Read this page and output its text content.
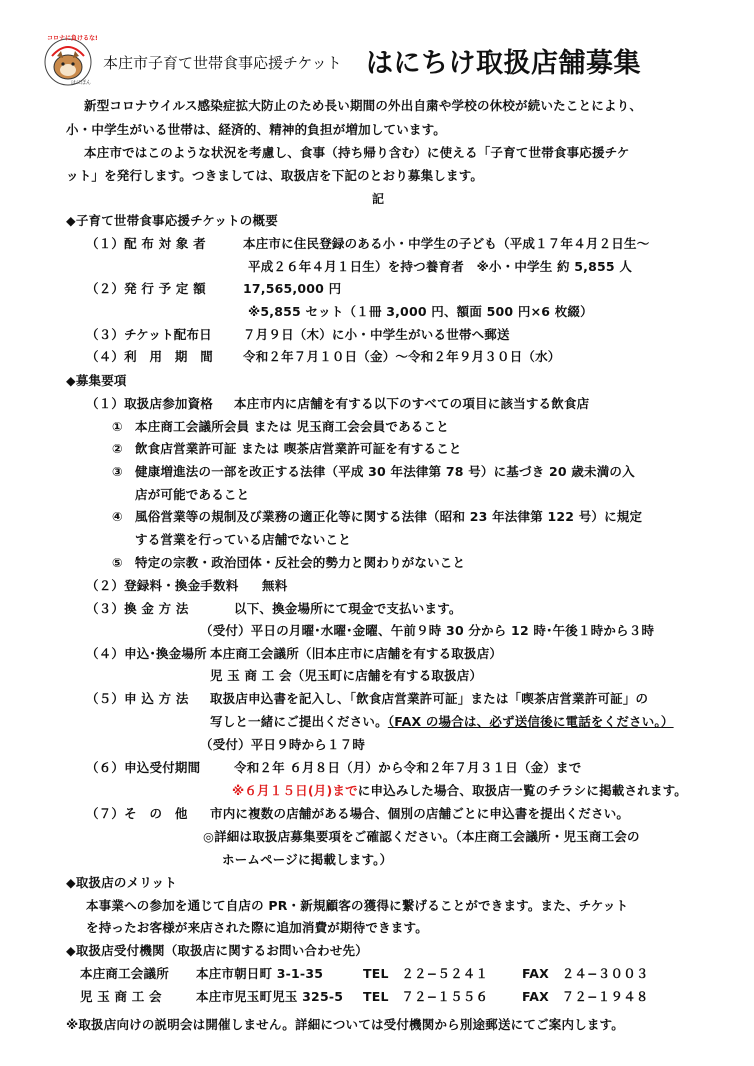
コロナに負けるな!
はにぽん
本庄市子育て世帯食事応援チケット はにちけ取扱店舗募集
新型コロナウイルス感染症拡大防止のため長い期間の外出自粛や学校の休校が続いたことにより、
小・中学生がいる世帯は、経済的、精神的負担が増加しています。
本庄市ではこのような状況を考慮し、食事（持ち帰り含む）に使える「子育て世帯食事応援チケ
ット」を発行します。つきましては、取扱店を下記のとおり募集します。
記
◆子育て世帯食事応援チケットの概要
（１）配 布 対 象 者	本庄市に住民登録のある小・中学生の子ども（平成１７年４月２日生～
平成２６年４月１日生）を持つ養育者　※小・中学生 約 5,855 人
（２）発 行 予 定 額	17,565,000 円
※5,855 セット（１冊 3,000 円、額面 500 円×6 枚綴）
（３）チケット配布日 ７月９日（木）に小・中学生がいる世帯へ郵送
（４）利　用　期　間 令和２年７月１０日（金）～令和２年９月３０日（水）
◆募集要項
（１）取扱店参加資格 本庄市内に店舗を有する以下のすべての項目に該当する飲食店
① 本庄商工会議所会員 または 児玉商工会会員であること
② 飲食店営業許可証 または 喫茶店営業許可証を有すること
③ 健康増進法の一部を改正する法律（平成 30 年法律第 78 号）に基づき 20 歳未満の入
店が可能であること
④ 風俗営業等の規制及び業務の適正化等に関する法律（昭和 23 年法律第 122 号）に規定
する営業を行っている店舗でないこと
⑤ 特定の宗教・政治団体・反社会的勢力と関わりがないこと
（２）登録料・換金手数料 無料
（３）換 金 方 法	以下、換金場所にて現金で支払います。
（受付）平日の月曜･水曜･金曜、午前９時 30 分から 12 時･午後１時から３時
（４）申込･換金場所 本庄商工会議所（旧本庄市に店舗を有する取扱店）
児 玉 商 工 会（児玉町に店舗を有する取扱店）
（５）申 込 方 法 取扱店申込書を記入し、「飲食店営業許可証」または「喫茶店営業許可証」の
写しと一緒にご提出ください。（FAX の場合は、必ず送信後に電話をください。）
（受付）平日９時から１７時
（６）申込受付期間	令和２年 ６月８日（月）から令和２年７月３１日（金）まで
※６月１５日(月)までに申込みした場合、取扱店一覧のチラシに掲載されます。
（７）そ　の　他 市内に複数の店舗がある場合、個別の店舗ごとに申込書を提出ください。
◎詳細は取扱店募集要項をご確認ください。（本庄商工会議所・児玉商工会の
ホームページに掲載します。）
◆取扱店のメリット
本事業への参加を通じて自店の PR・新規顧客の獲得に繋げることができます。また、チケット
を持ったお客様が来店された際に追加消費が期待できます。
◆取扱店受付機関（取扱店に関するお問い合わせ先）
本庄商工会議所 本庄市朝日町 3-1-35	TEL　２２−５２４１	FAX　２４−３００３
児 玉 商 工 会	本庄市児玉町児玉 325-5 TEL　７２−１５５６	FAX　７２−１９４８
※取扱店向けの説明会は開催しません。詳細については受付機関から別途郵送にてご案内します。
